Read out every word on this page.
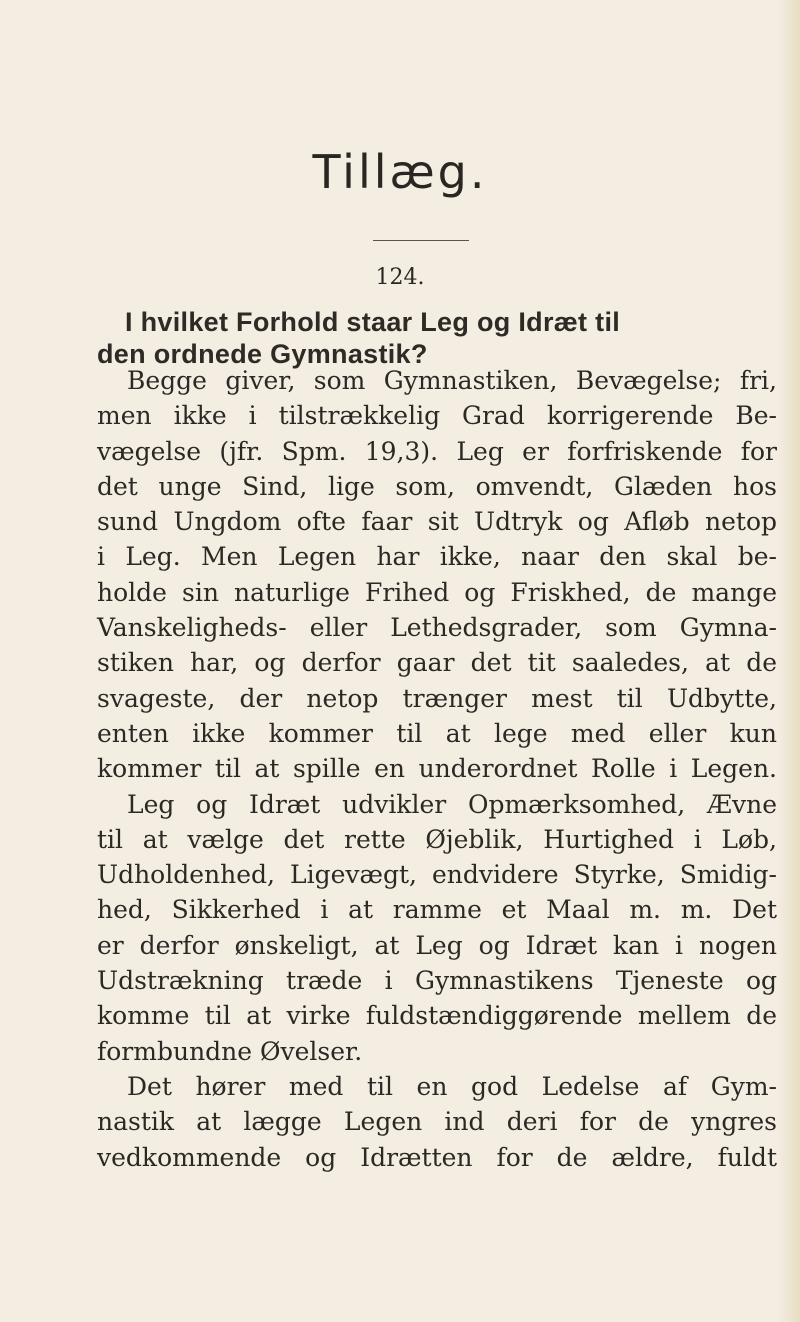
Tillæg.
124.
I hvilket Forhold staar Leg og Idræt til
den ordnede Gymnastik?
Begge giver, som Gymnastiken, Bevægelse; fri,
men ikke i tilstrækkelig Grad korrigerende Be-
vægelse (jfr. Spm. 19,3). Leg er forfriskende for
det unge Sind, lige som, omvendt, Glæden hos
sund Ungdom ofte faar sit Udtryk og Afløb netop
i Leg. Men Legen har ikke, naar den skal be-
holde sin naturlige Frihed og Friskhed, de mange
Vanskeligheds- eller Lethedsgrader, som Gymna-
stiken har, og derfor gaar det tit saaledes, at de
svageste, der netop trænger mest til Udbytte,
enten ikke kommer til at lege med eller kun
kommer til at spille en underordnet Rolle i Legen.
Leg og Idræt udvikler Opmærksomhed, Ævne
til at vælge det rette Øjeblik, Hurtighed i Løb,
Udholdenhed, Ligevægt, endvidere Styrke, Smidig-
hed, Sikkerhed i at ramme et Maal m. m. Det
er derfor ønskeligt, at Leg og Idræt kan i nogen
Udstrækning træde i Gymnastikens Tjeneste og
komme til at virke fuldstændiggørende mellem de
formbundne Øvelser.
Det hører med til en god Ledelse af Gym-
nastik at lægge Legen ind deri for de yngres
vedkommende og Idrætten for de ældre, fuldt
